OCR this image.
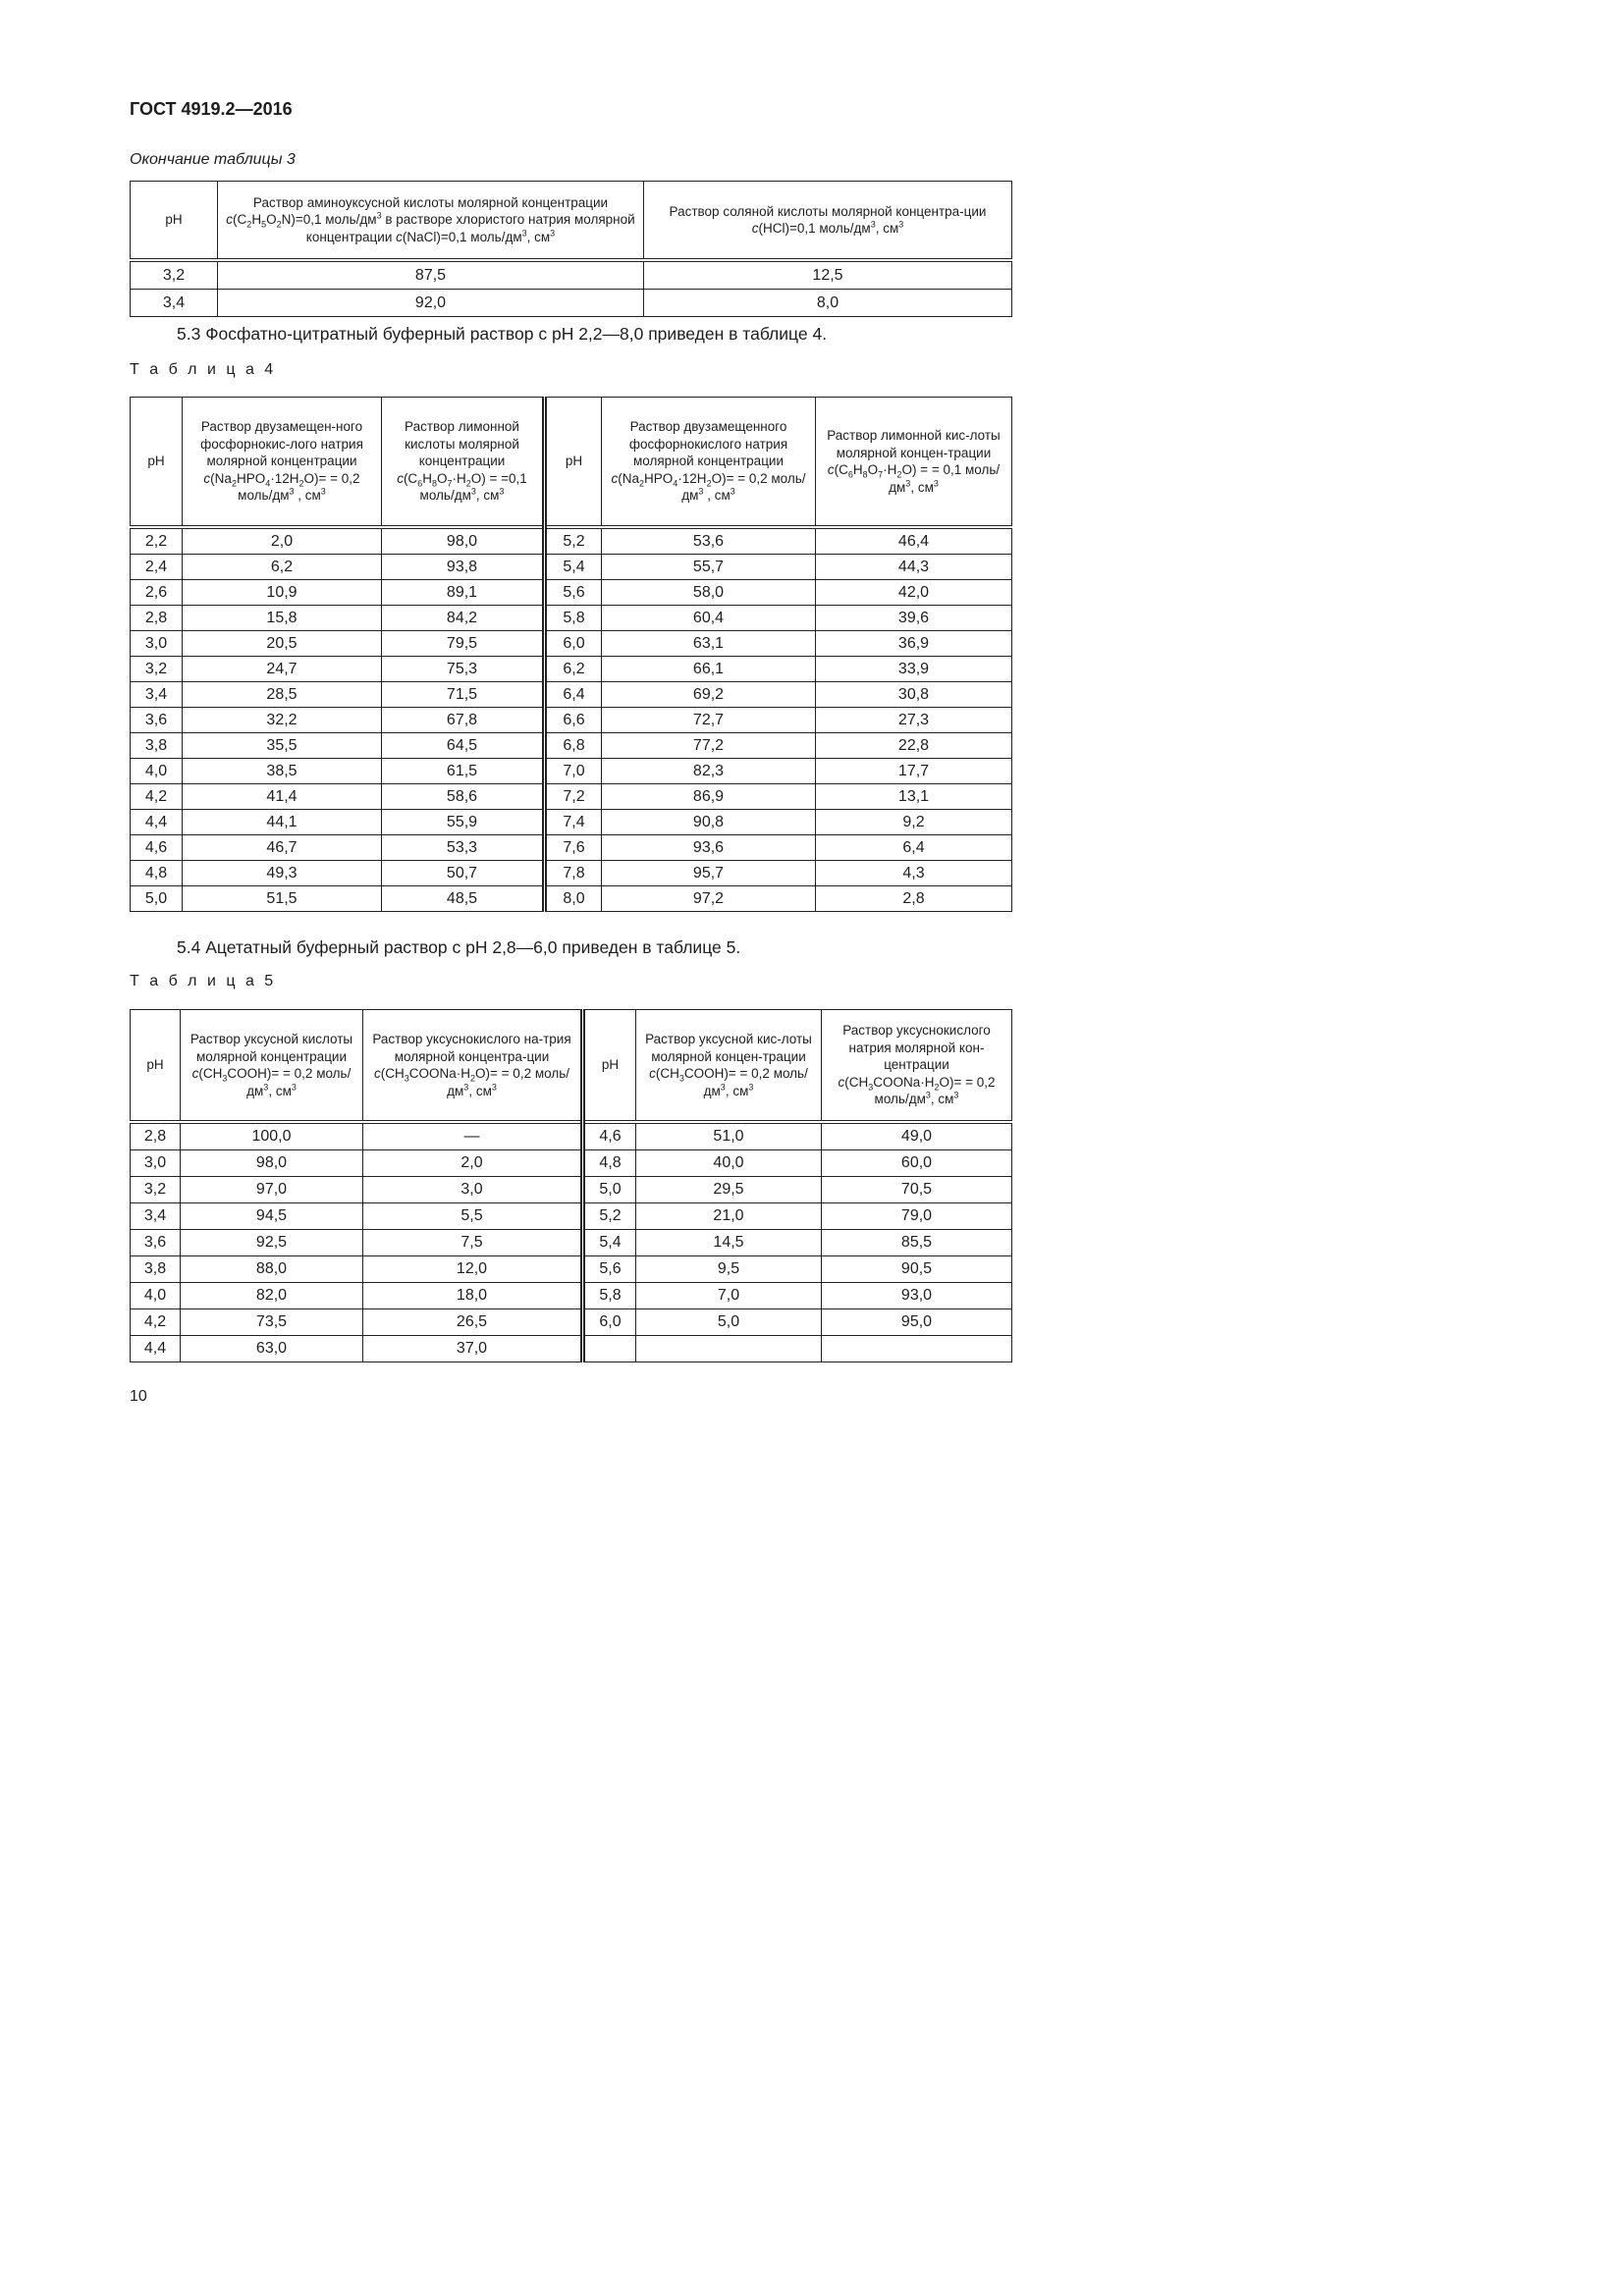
ГОСТ 4919.2—2016
Окончание таблицы 3
pH	Раствор аминоуксусной кислоты молярной концентрации $c(C_2H_5O_2N)=0,1$ моль/$дм^3$ в растворе хлористого натрия молярной концентрации c(NaCl)=0,1 моль/$дм^3$, $см^3$	Раствор соляной кислоты молярной концентра-ции c(HCl)=0,1 моль/$дм^3$, $см^3$
3,2	87,5	12,5
3,4	92,0	8,0
5.3 Фосфатно-цитратный буферный раствор с pH 2,2—8,0 приведен в таблице 4.
Т а б л и ц а 4
pH	Раствор двузамещен-ного фосфорнокис-лого натрия молярной концентрации $c(Na_2HPO_4\cdot 12H_2O)= = 0,2$ моль/$дм^3$ , $см^3$	Раствор лимонной кислоты молярной концентрации $c(C_6H_8O_7\cdot H_2O) = =0,1$ моль/$дм^3$, $см^3$	pH	Раствор двузамещенного фосфорнокислого натрия молярной концентрации $c(Na_2HPO_4\cdot 12H_2O)= = 0,2$ моль/$дм^3$ , $см^3$	Раствор лимонной кис-лоты молярной концен-трации $c(C_6H_8O_7\cdot H_2O)$ = = 0,1 моль/$дм^3$, $см^3$
2,2	2,0	98,0	5,2	53,6	46,4
2,4	6,2	93,8	5,4	55,7	44,3
2,6	10,9	89,1	5,6	58,0	42,0
2,8	15,8	84,2	5,8	60,4	39,6
3,0	20,5	79,5	6,0	63,1	36,9
3,2	24,7	75,3	6,2	66,1	33,9
3,4	28,5	71,5	6,4	69,2	30,8
3,6	32,2	67,8	6,6	72,7	27,3
3,8	35,5	64,5	6,8	77,2	22,8
4,0	38,5	61,5	7,0	82,3	17,7
4,2	41,4	58,6	7,2	86,9	13,1
4,4	44,1	55,9	7,4	90,8	9,2
4,6	46,7	53,3	7,6	93,6	6,4
4,8	49,3	50,7	7,8	95,7	4,3
5,0	51,5	48,5	8,0	97,2	2,8
5.4 Ацетатный буферный раствор с pH 2,8—6,0 приведен в таблице 5.
Т а б л и ц а 5
pH	Раствор уксусной кислоты молярной концентрации $c(CH_3COOH)= = 0,2$ моль/$дм^3$, $см^3$	Раствор уксуснокислого на-трия молярной концентра-ции $c(CH_3COONa\cdot H_2O)= = 0,2$ моль/$дм^3$, $см^3$	pH	Раствор уксусной кис-лоты молярной концен-трации $c(CH_3COOH)= = 0,2$ моль/$дм^3$, $см^3$	Раствор уксуснокислого натрия молярной кон-центрации $c(CH_3COONa\cdot H_2O)= = 0,2$ моль/$дм^3$, $см^3$
2,8	100,0	—	4,6	51,0	49,0
3,0	98,0	2,0	4,8	40,0	60,0
3,2	97,0	3,0	5,0	29,5	70,5
3,4	94,5	5,5	5,2	21,0	79,0
3,6	92,5	7,5	5,4	14,5	85,5
3,8	88,0	12,0	5,6	9,5	90,5
4,0	82,0	18,0	5,8	7,0	93,0
4,2	73,5	26,5	6,0	5,0	95,0
4,4	63,0	37,0			
10
